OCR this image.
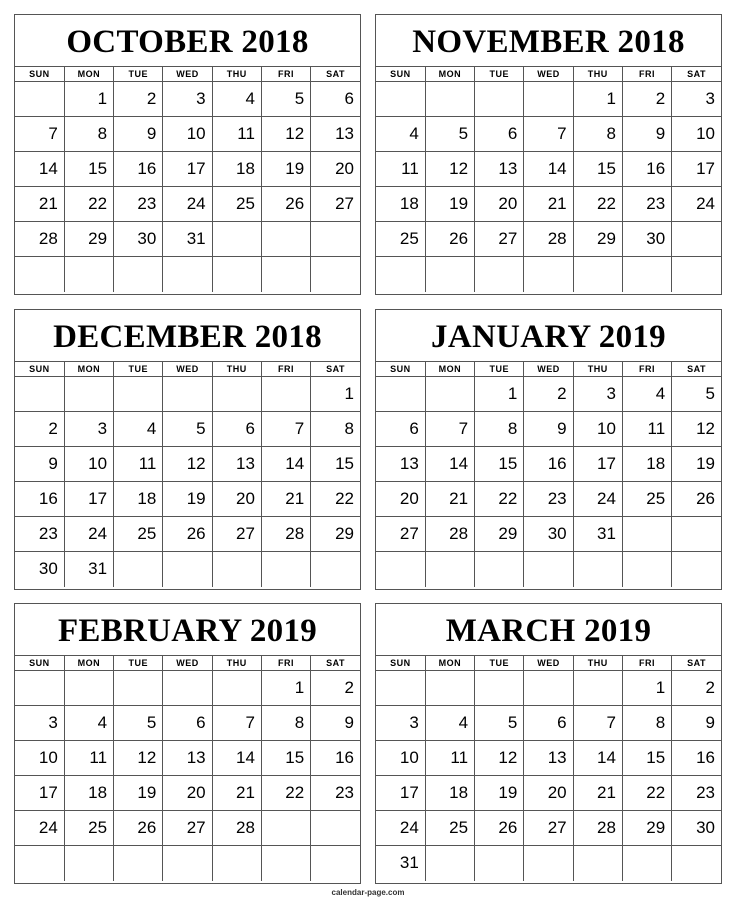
OCTOBER 2018
SUN	MON	TUE	WED	THU	FRI	SAT
	1	2	3	4	5	6
7	8	9	10	11	12	13
14	15	16	17	18	19	20
21	22	23	24	25	26	27
28	29	30	31			

NOVEMBER 2018
SUN	MON	TUE	WED	THU	FRI	SAT
				1	2	3
4	5	6	7	8	9	10
11	12	13	14	15	16	17
18	19	20	21	22	23	24
25	26	27	28	29	30	

DECEMBER 2018
SUN	MON	TUE	WED	THU	FRI	SAT
						1
2	3	4	5	6	7	8
9	10	11	12	13	14	15
16	17	18	19	20	21	22
23	24	25	26	27	28	29
30	31					
JANUARY 2019
SUN	MON	TUE	WED	THU	FRI	SAT
		1	2	3	4	5
6	7	8	9	10	11	12
13	14	15	16	17	18	19
20	21	22	23	24	25	26
27	28	29	30	31		

FEBRUARY 2019
SUN	MON	TUE	WED	THU	FRI	SAT
					1	2
3	4	5	6	7	8	9
10	11	12	13	14	15	16
17	18	19	20	21	22	23
24	25	26	27	28		

MARCH 2019
SUN	MON	TUE	WED	THU	FRI	SAT
					1	2
3	4	5	6	7	8	9
10	11	12	13	14	15	16
17	18	19	20	21	22	23
24	25	26	27	28	29	30
31						
calendar-page.com
